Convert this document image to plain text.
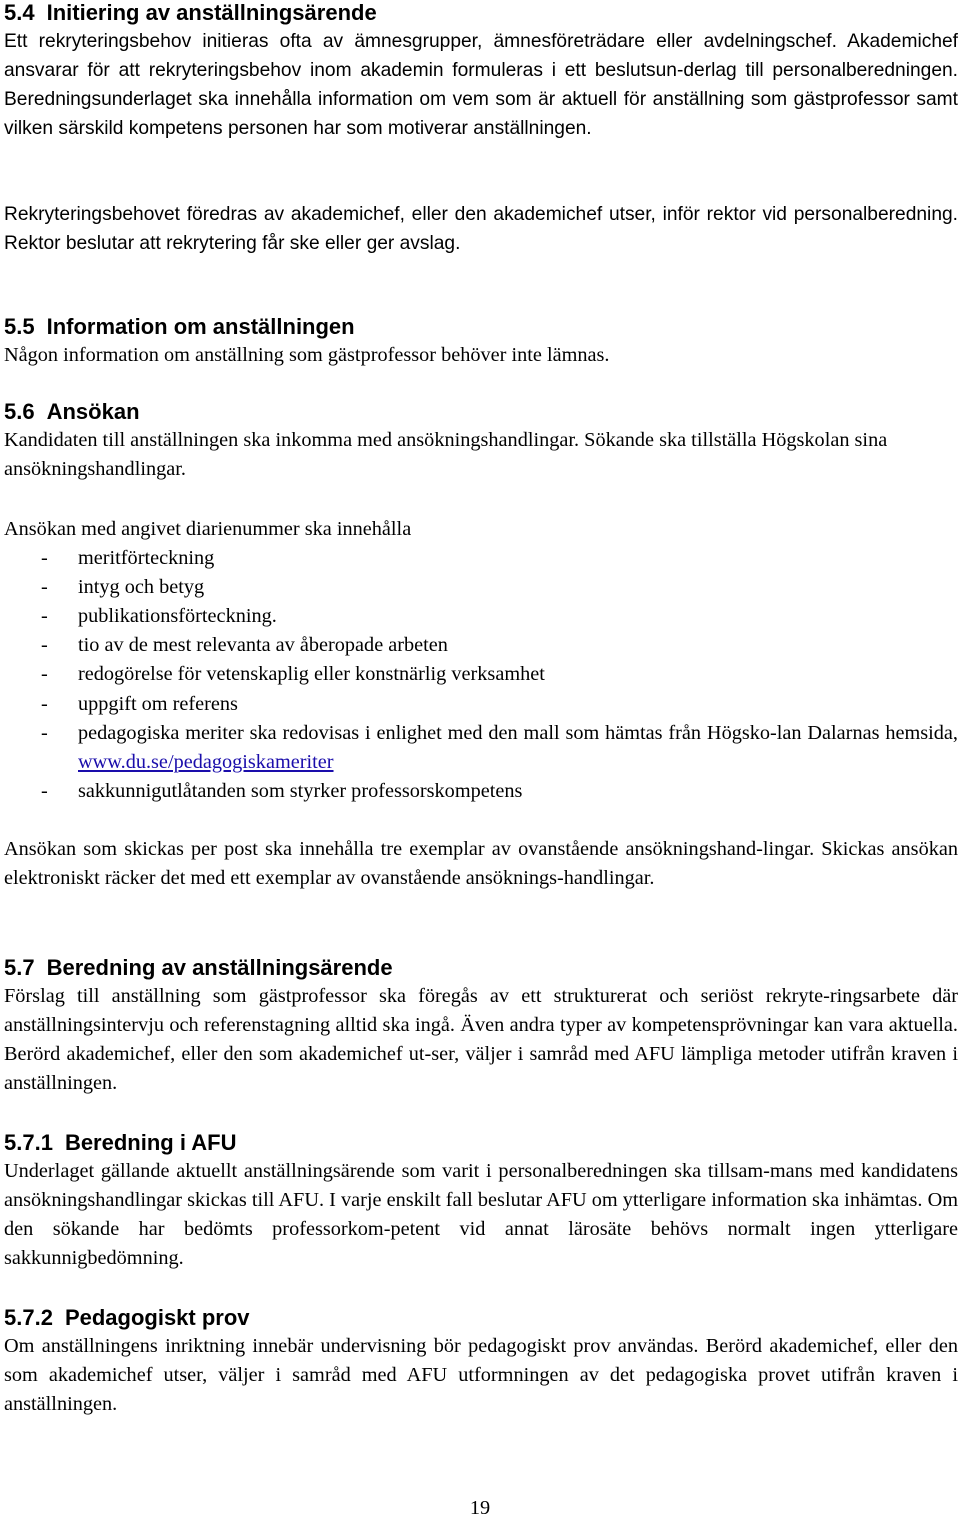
5.4 Initiering av anställningsärende

Ett rekryteringsbehov initieras ofta av ämnesgrupper, ämnesföreträdare eller avdelningschef. Akademichef ansvarar för att rekryteringsbehov inom akademin formuleras i ett beslutsun-derlag till personalberedningen. Beredningsunderlaget ska innehålla information om vem som är aktuell för anställning som gästprofessor samt vilken särskild kompetens personen har som motiverar anställningen.

Rekryteringsbehovet föredras av akademichef, eller den akademichef utser, inför rektor vid personalberedning. Rektor beslutar att rekrytering får ske eller ger avslag.

5.5 Information om anställningen

Någon information om anställning som gästprofessor behöver inte lämnas.

5.6 Ansökan

Kandidaten till anställningen ska inkomma med ansökningshandlingar. Sökande ska tillställa Högskolan sina ansökningshandlingar.

Ansökan med angivet diarienummer ska innehålla

- meritförteckning
- intyg och betyg
- publikationsförteckning.
- tio av de mest relevanta av åberopade arbeten
- redogörelse för vetenskaplig eller konstnärlig verksamhet
- uppgift om referens
- pedagogiska meriter ska redovisas i enlighet med den mall som hämtas från Högsko-lan Dalarnas hemsida, www.du.se/pedagogiskameriter
- sakkunnigutlåtanden som styrker professorskompetens

Ansökan som skickas per post ska innehålla tre exemplar av ovanstående ansökningshand-lingar. Skickas ansökan elektroniskt räcker det med ett exemplar av ovanstående ansöknings-handlingar.

5.7 Beredning av anställningsärende

Förslag till anställning som gästprofessor ska föregås av ett strukturerat och seriöst rekryte-ringsarbete där anställningsintervju och referenstagning alltid ska ingå. Även andra typer av kompetensprövningar kan vara aktuella. Berörd akademichef, eller den som akademichef ut-ser, väljer i samråd med AFU lämpliga metoder utifrån kraven i anställningen.

5.7.1 Beredning i AFU

Underlaget gällande aktuellt anställningsärende som varit i personalberedningen ska tillsam-mans med kandidatens ansökningshandlingar skickas till AFU. I varje enskilt fall beslutar AFU om ytterligare information ska inhämtas. Om den sökande har bedömts professorkom-petent vid annat lärosäte behövs normalt ingen ytterligare sakkunnigbedömning.

5.7.2 Pedagogiskt prov

Om anställningens inriktning innebär undervisning bör pedagogiskt prov användas. Berörd akademichef, eller den som akademichef utser, väljer i samråd med AFU utformningen av det pedagogiska provet utifrån kraven i anställningen.

19
